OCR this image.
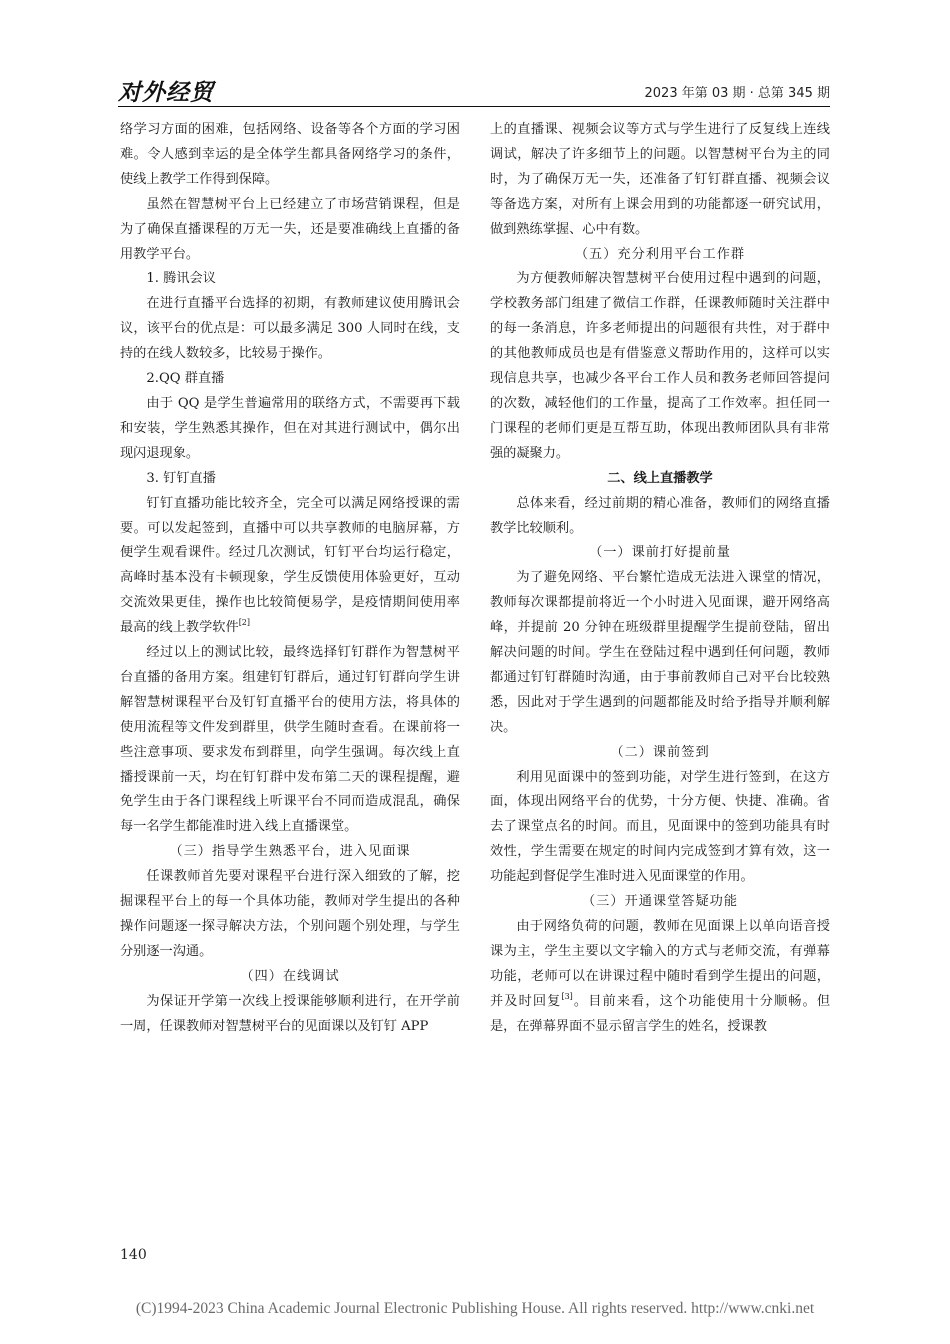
对外经贸	2023 年第 03 期 · 总第 345 期

络学习方面的困难，包括网络、设备等各个方面的学习困难。令人感到幸运的是全体学生都具备网络学习的条件，使线上教学工作得到保障。

虽然在智慧树平台上已经建立了市场营销课程，但是为了确保直播课程的万无一失，还是要准确线上直播的备用教学平台。

1. 腾讯会议

在进行直播平台选择的初期，有教师建议使用腾讯会议，该平台的优点是：可以最多满足 300 人同时在线，支持的在线人数较多，比较易于操作。

2.QQ 群直播

由于 QQ 是学生普遍常用的联络方式，不需要再下载和安装，学生熟悉其操作，但在对其进行测试中，偶尔出现闪退现象。

3. 钉钉直播

钉钉直播功能比较齐全，完全可以满足网络授课的需要。可以发起签到，直播中可以共享教师的电脑屏幕，方便学生观看课件。经过几次测试，钉钉平台均运行稳定，高峰时基本没有卡顿现象，学生反馈使用体验更好，互动交流效果更佳，操作也比较简便易学，是疫情期间使用率最高的线上教学软件[2]

经过以上的测试比较，最终选择钉钉群作为智慧树平台直播的备用方案。组建钉钉群后，通过钉钉群向学生讲解智慧树课程平台及钉钉直播平台的使用方法，将具体的使用流程等文件发到群里，供学生随时查看。在课前将一些注意事项、要求发布到群里，向学生强调。每次线上直播授课前一天，均在钉钉群中发布第二天的课程提醒，避免学生由于各门课程线上听课平台不同而造成混乱，确保每一名学生都能准时进入线上直播课堂。

（三）指导学生熟悉平台，进入见面课

任课教师首先要对课程平台进行深入细致的了解，挖掘课程平台上的每一个具体功能，教师对学生提出的各种操作问题逐一探寻解决方法，个别问题个别处理，与学生分别逐一沟通。

（四）在线调试

为保证开学第一次线上授课能够顺利进行，在开学前一周，任课教师对智慧树平台的见面课以及钉钉 APP

上的直播课、视频会议等方式与学生进行了反复线上连线调试，解决了许多细节上的问题。以智慧树平台为主的同时，为了确保万无一失，还准备了钉钉群直播、视频会议等备选方案，对所有上课会用到的功能都逐一研究试用，做到熟练掌握、心中有数。

（五）充分利用平台工作群

为方便教师解决智慧树平台使用过程中遇到的问题，学校教务部门组建了微信工作群，任课教师随时关注群中的每一条消息，许多老师提出的问题很有共性，对于群中的其他教师成员也是有借鉴意义帮助作用的，这样可以实现信息共享，也减少各平台工作人员和教务老师回答提问的次数，减轻他们的工作量，提高了工作效率。担任同一门课程的老师们更是互帮互助，体现出教师团队具有非常强的凝聚力。

二、线上直播教学

总体来看，经过前期的精心准备，教师们的网络直播教学比较顺利。

（一）课前打好提前量

为了避免网络、平台繁忙造成无法进入课堂的情况，教师每次课都提前将近一个小时进入见面课，避开网络高峰，并提前 20 分钟在班级群里提醒学生提前登陆，留出解决问题的时间。学生在登陆过程中遇到任何问题，教师都通过钉钉群随时沟通，由于事前教师自己对平台比较熟悉，因此对于学生遇到的问题都能及时给予指导并顺利解决。

（二）课前签到

利用见面课中的签到功能，对学生进行签到，在这方面，体现出网络平台的优势，十分方便、快捷、准确。省去了课堂点名的时间。而且，见面课中的签到功能具有时效性，学生需要在规定的时间内完成签到才算有效，这一功能起到督促学生准时进入见面课堂的作用。

（三）开通课堂答疑功能

由于网络负荷的问题，教师在见面课上以单向语音授课为主，学生主要以文字输入的方式与老师交流，有弹幕功能，老师可以在讲课过程中随时看到学生提出的问题，并及时回复[3]。目前来看，这个功能使用十分顺畅。但是，在弹幕界面不显示留言学生的姓名，授课教

140
(C)1994-2023 China Academic Journal Electronic Publishing House. All rights reserved. http://www.cnki.net
